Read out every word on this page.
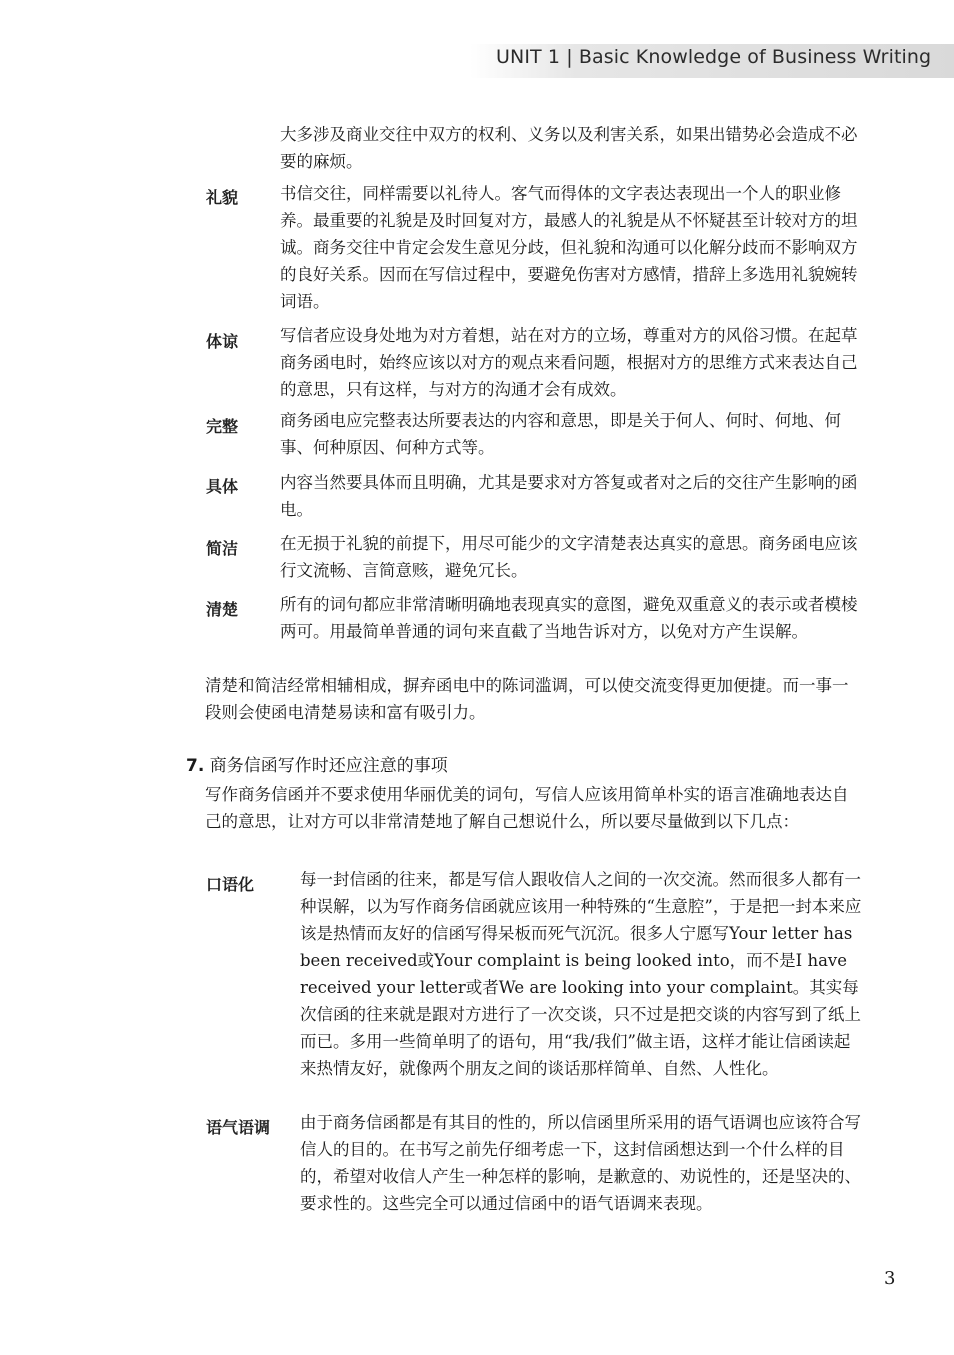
UNIT 1 | Basic Knowledge of Business Writing

大多涉及商业交往中双方的权利、义务以及利害关系，如果出错势必会造成不必要的麻烦。

礼貌	书信交往，同样需要以礼待人。客气而得体的文字表达表现出一个人的职业修养。最重要的礼貌是及时回复对方，最感人的礼貌是从不怀疑甚至计较对方的坦诚。商务交往中肯定会发生意见分歧，但礼貌和沟通可以化解分歧而不影响双方的良好关系。因而在写信过程中，要避免伤害对方感情，措辞上多选用礼貌婉转词语。

体谅	写信者应设身处地为对方着想，站在对方的立场，尊重对方的风俗习惯。在起草商务函电时，始终应该以对方的观点来看问题，根据对方的思维方式来表达自己的意思，只有这样，与对方的沟通才会有成效。

完整	商务函电应完整表达所要表达的内容和意思，即是关于何人、何时、何地、何事、何种原因、何种方式等。

具体	内容当然要具体而且明确，尤其是要求对方答复或者对之后的交往产生影响的函电。

简洁	在无损于礼貌的前提下，用尽可能少的文字清楚表达真实的意思。商务函电应该行文流畅、言简意赅，避免冗长。

清楚	所有的词句都应非常清晰明确地表现真实的意图，避免双重意义的表示或者模棱两可。用最简单普通的词句来直截了当地告诉对方，以免对方产生误解。

清楚和简洁经常相辅相成，摒弃函电中的陈词滥调，可以使交流变得更加便捷。而一事一段则会使函电清楚易读和富有吸引力。

7. 商务信函写作时还应注意的事项

写作商务信函并不要求使用华丽优美的词句，写信人应该用简单朴实的语言准确地表达自己的意思，让对方可以非常清楚地了解自己想说什么，所以要尽量做到以下几点：

口语化	每一封信函的往来，都是写信人跟收信人之间的一次交流。然而很多人都有一种误解，以为写作商务信函就应该用一种特殊的“生意腔”，于是把一封本来应该是热情而友好的信函写得呆板而死气沉沉。很多人宁愿写Your letter has been received或Your complaint is being looked into，而不是I have received your letter或者We are looking into your complaint。其实每次信函的往来就是跟对方进行了一次交谈，只不过是把交谈的内容写到了纸上而已。多用一些简单明了的语句，用“我/我们”做主语，这样才能让信函读起来热情友好，就像两个朋友之间的谈话那样简单、自然、人性化。

语气语调 由于商务信函都是有其目的性的，所以信函里所采用的语气语调也应该符合写信人的目的。在书写之前先仔细考虑一下，这封信函想达到一个什么样的目的，希望对收信人产生一种怎样的影响，是歉意的、劝说性的，还是坚决的、要求性的。这些完全可以通过信函中的语气语调来表现。

3
